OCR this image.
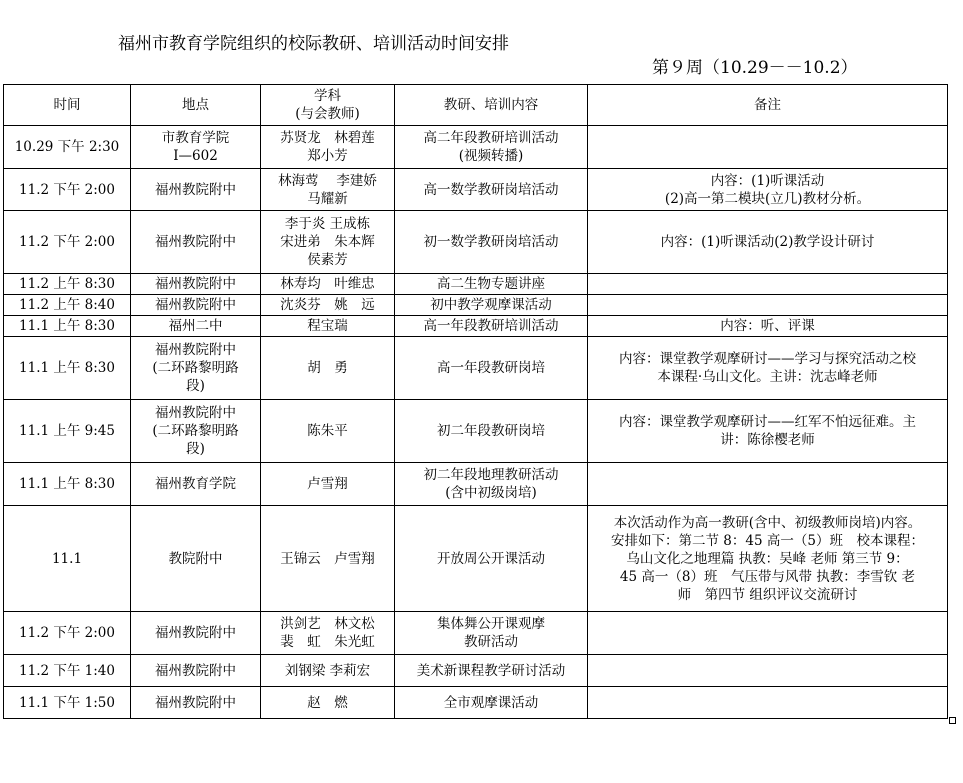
福州市教育学院组织的校际教研、培训活动时间安排

第９周（10.29－－10.2）

时间	地点	学科
(与会教师)	教研、培训内容	备注
10.29 下午 2:30	市教育学院
Ⅰ—602	苏贤龙　林碧莲
郑小芳	高二年段教研培训活动
(视频转播)	

11.2 下午 2:00	福州教院附中	林海莺　 李建娇
马耀新	高一数学教研岗培活动	内容：(1)听课活动
(2)高一第二模块(立几)教材分析。

11.2 下午 2:00	福州教院附中	李于炎 王成栋
宋进弟　朱本辉
侯素芳	初一数学教研岗培活动	内容：(1)听课活动(2)教学设计研讨

11.2 上午 8:30	福州教院附中	林寿均　叶维忠	高二生物专题讲座	

11.2 上午 8:40	福州教院附中	沈炎芬　姚　远	初中教学观摩课活动	

11.1 上午 8:30	福州二中	程宝瑞	高一年段教研培训活动	内容：听、评课

11.1 上午 8:30	福州教院附中
(二环路黎明路
段)	胡　勇	高一年段教研岗培	内容：课堂教学观摩研讨——学习与探究活动之校
本课程·乌山文化。主讲：沈志峰老师

11.1 上午 9:45	福州教院附中
(二环路黎明路
段)	陈朱平	初二年段教研岗培	内容：课堂教学观摩研讨——红军不怕远征难。主
讲：陈徐樱老师

11.1 上午 8:30	福州教育学院	卢雪翔	初二年段地理教研活动
(含中初级岗培)	

11.1	教院附中	王锦云　卢雪翔	开放周公开课活动	本次活动作为高一教研(含中、初级教师岗培)内容。
安排如下：第二节 8：45 高一（5）班　校本课程：
乌山文化之地理篇 执教：吴峰 老师 第三节 9：
45 高一（8）班　气压带与风带 执教：李雪钦 老
师　第四节 组织评议交流研讨

11.2 下午 2:00	福州教院附中	洪剑艺　林文松
裴　虹　朱光虹	集体舞公开课观摩
教研活动	

11.2 下午 1:40	福州教院附中	刘钢梁 李莉宏	美术新课程教学研讨活动	

11.1 下午 1:50	福州教院附中	赵　燃	全市观摩课活动	
